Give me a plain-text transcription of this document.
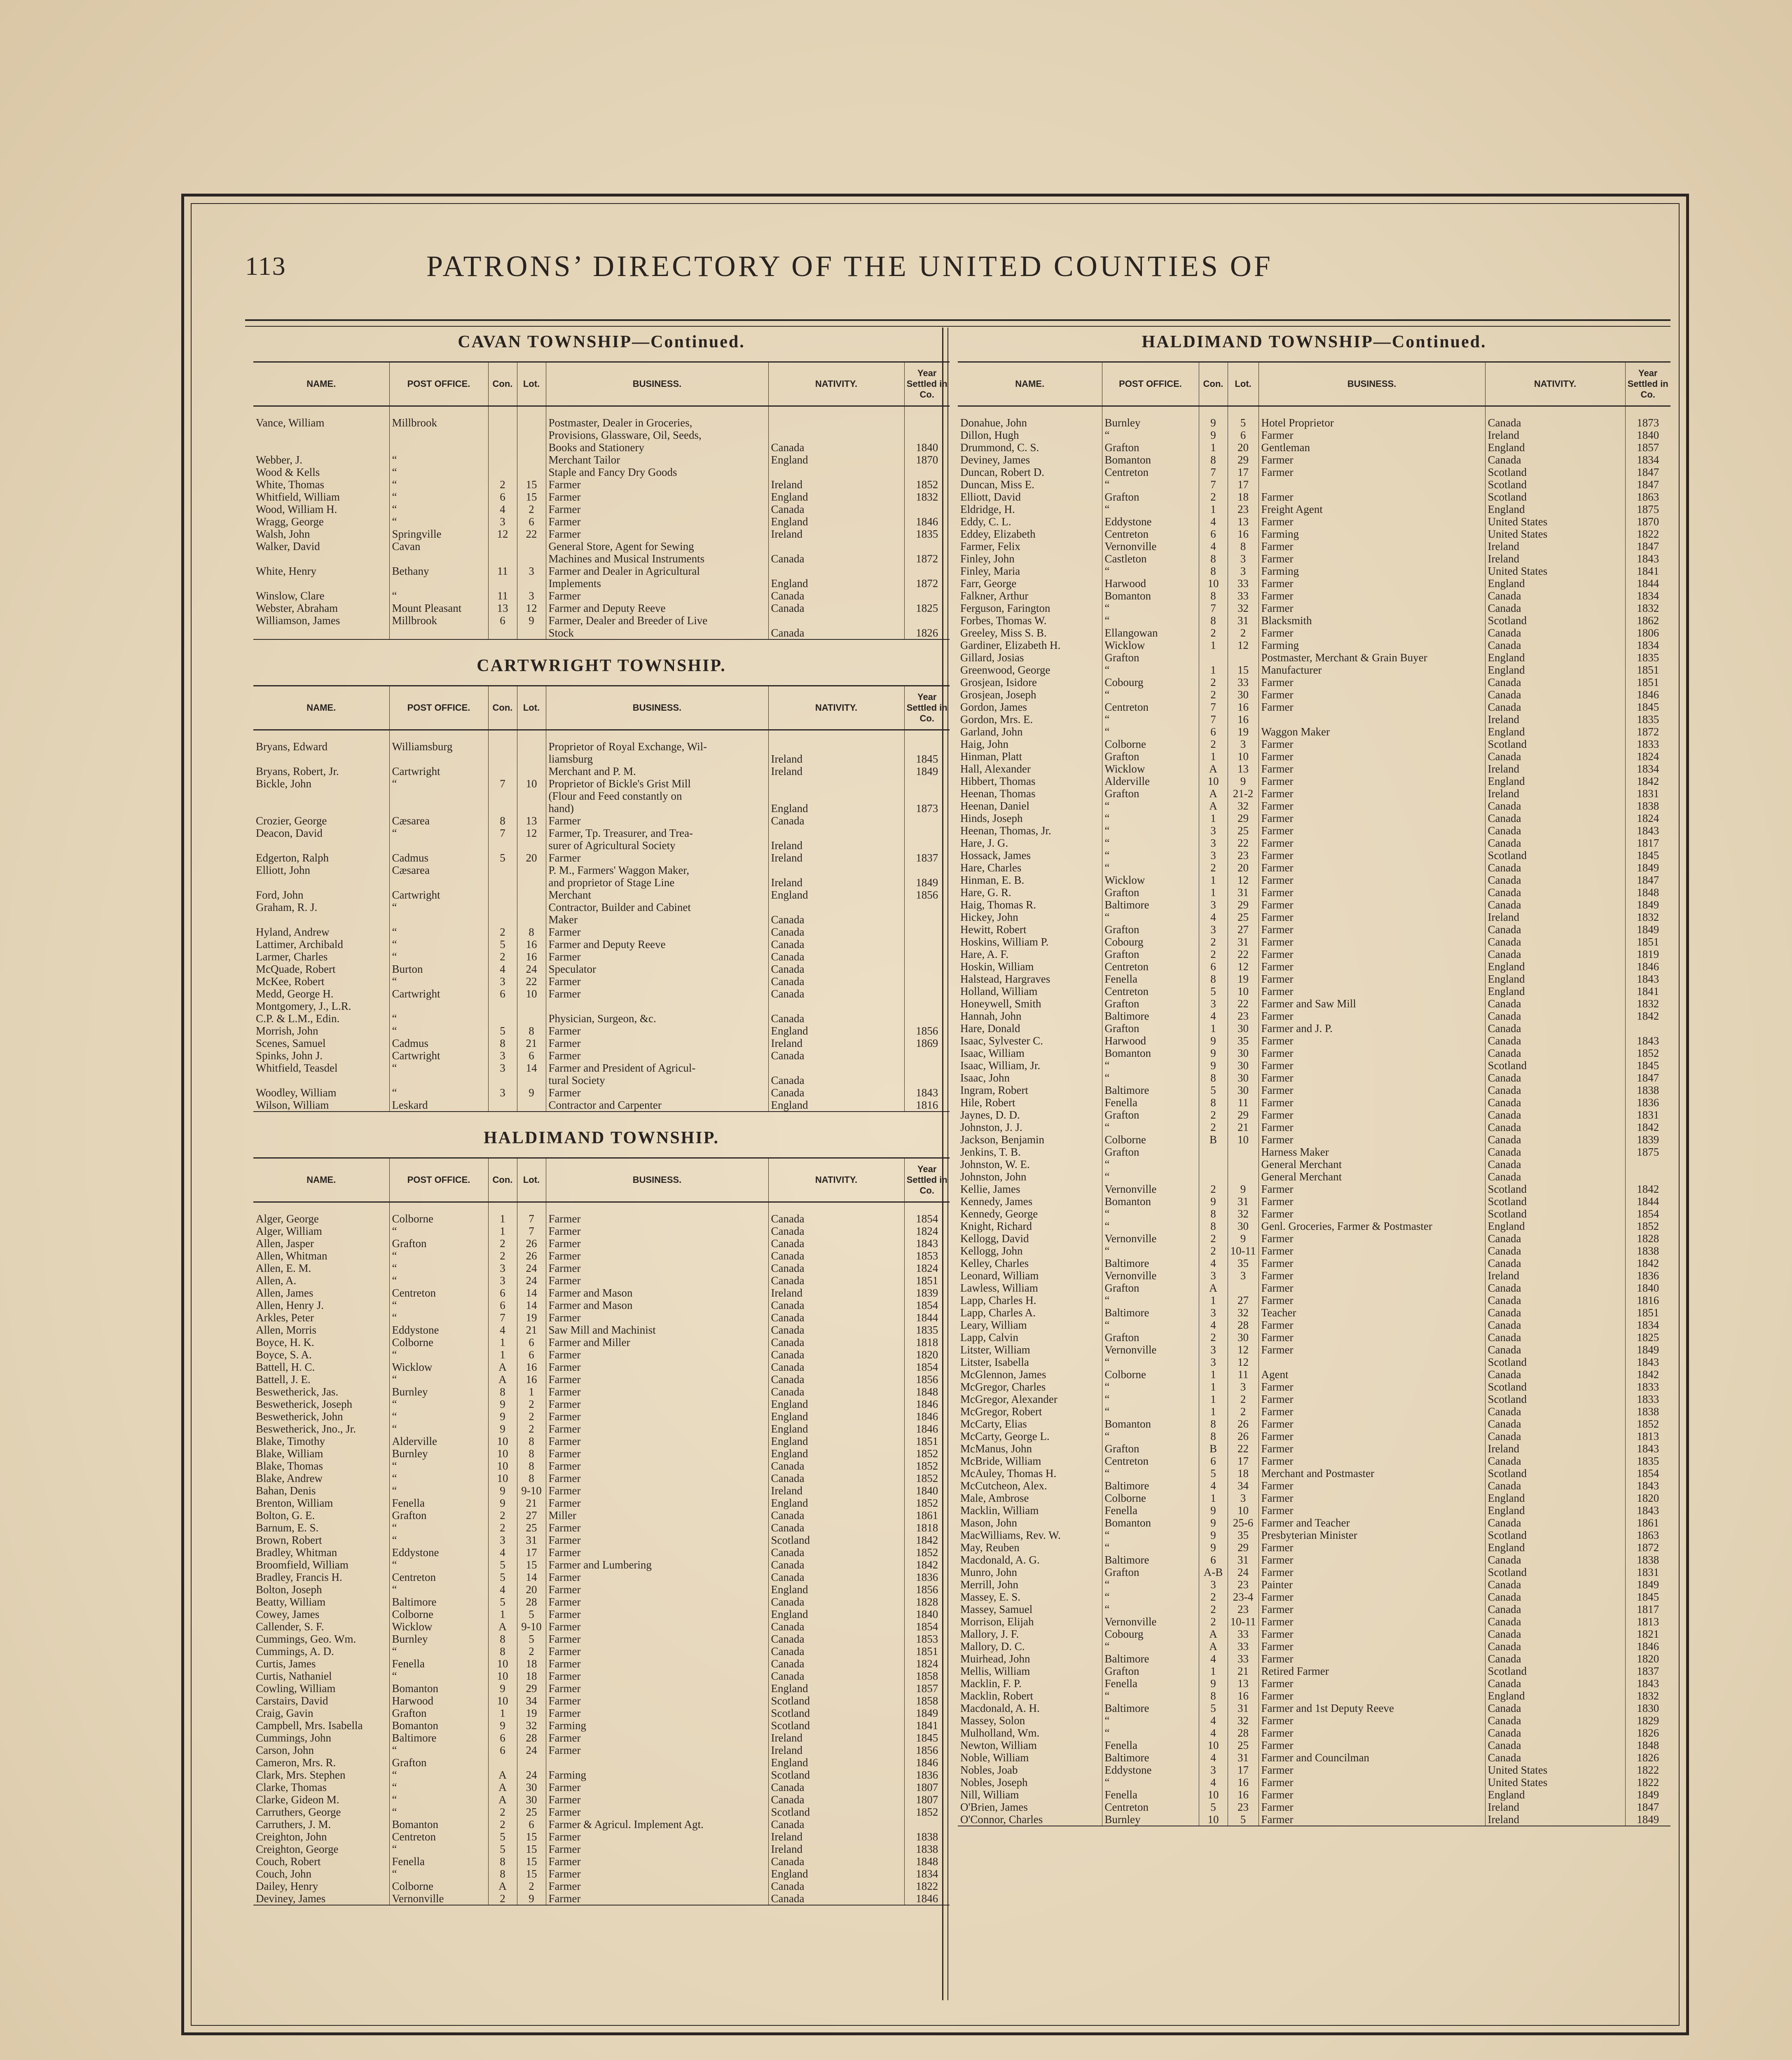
113	PATRONS’ DIRECTORY OF THE UNITED COUNTIES OF
CAVAN TOWNSHIP—Continued.
NAME.	POST OFFICE.	Con.	Lot.	BUSINESS.	NATIVITY.	Year Settled in Co.

Vance, William	Millbrook			Postmaster, Dealer in Groceries,		
				Provisions, Glassware, Oil, Seeds,		
				Books and Stationery	Canada	1840
Webber, J.	“			Merchant Tailor	England	1870
Wood & Kells	“			Staple and Fancy Dry Goods		
White, Thomas	“	2	15	Farmer	Ireland	1852
Whitfield, William	“	6	15	Farmer	England	1832
Wood, William H.	“	4	2	Farmer	Canada	
Wragg, George	“	3	6	Farmer	England	1846
Walsh, John	Springville	12	22	Farmer	Ireland	1835
Walker, David	Cavan			General Store, Agent for Sewing		
				Machines and Musical Instruments	Canada	1872
White, Henry	Bethany	11	3	Farmer and Dealer in Agricultural		
				Implements	England	1872
Winslow, Clare	“	11	3	Farmer	Canada	
Webster, Abraham	Mount Pleasant	13	12	Farmer and Deputy Reeve	Canada	1825
Williamson, James	Millbrook	6	9	Farmer, Dealer and Breeder of Live		
				Stock	Canada	1826
CARTWRIGHT TOWNSHIP.
NAME.	POST OFFICE.	Con.	Lot.	BUSINESS.	NATIVITY.	Year Settled in Co.

Bryans, Edward	Williamsburg			Proprietor of Royal Exchange, Wil-		
				liamsburg	Ireland	1845
Bryans, Robert, Jr.	Cartwright			Merchant and P. M.	Ireland	1849
Bickle, John	“	7	10	Proprietor of Bickle's Grist Mill		
				(Flour and Feed constantly on		
				hand)	England	1873
Crozier, George	Cæsarea	8	13	Farmer	Canada	
Deacon, David	“	7	12	Farmer, Tp. Treasurer, and Trea-		
				surer of Agricultural Society	Ireland	
Edgerton, Ralph	Cadmus	5	20	Farmer	Ireland	1837
Elliott, John	Cæsarea			P. M., Farmers' Waggon Maker,		
				and proprietor of Stage Line	Ireland	1849
Ford, John	Cartwright			Merchant	England	1856
Graham, R. J.	“			Contractor, Builder and Cabinet		
				Maker	Canada	
Hyland, Andrew	“	2	8	Farmer	Canada	
Lattimer, Archibald	“	5	16	Farmer and Deputy Reeve	Canada	
Larmer, Charles	“	2	16	Farmer	Canada	
McQuade, Robert	Burton	4	24	Speculator	Canada	
McKee, Robert	“	3	22	Farmer	Canada	
Medd, George H.	Cartwright	6	10	Farmer	Canada	
Montgomery, J., L.R.						
C.P. & L.M., Edin.	“			Physician, Surgeon, &c.	Canada	
Morrish, John	“	5	8	Farmer	England	1856
Scenes, Samuel	Cadmus	8	21	Farmer	Ireland	1869
Spinks, John J.	Cartwright	3	6	Farmer	Canada	
Whitfield, Teasdel	“	3	14	Farmer and President of Agricul-		
				tural Society	Canada	
Woodley, William	“	3	9	Farmer	Canada	1843
Wilson, William	Leskard			Contractor and Carpenter	England	1816
HALDIMAND TOWNSHIP.
NAME.	POST OFFICE.	Con.	Lot.	BUSINESS.	NATIVITY.	Year Settled in Co.

Alger, George	Colborne	1	7	Farmer	Canada	1854
Alger, William	“	1	7	Farmer	Canada	1824
Allen, Jasper	Grafton	2	26	Farmer	Canada	1843
Allen, Whitman	“	2	26	Farmer	Canada	1853
Allen, E. M.	“	3	24	Farmer	Canada	1824
Allen, A.	“	3	24	Farmer	Canada	1851
Allen, James	Centreton	6	14	Farmer and Mason	Ireland	1839
Allen, Henry J.	“	6	14	Farmer and Mason	Canada	1854
Arkles, Peter	“	7	19	Farmer	Canada	1844
Allen, Morris	Eddystone	4	21	Saw Mill and Machinist	Canada	1835
Boyce, H. K.	Colborne	1	6	Farmer and Miller	Canada	1818
Boyce, S. A.	“	1	6	Farmer	Canada	1820
Battell, H. C.	Wicklow	A	16	Farmer	Canada	1854
Battell, J. E.	“	A	16	Farmer	Canada	1856
Beswetherick, Jas.	Burnley	8	1	Farmer	Canada	1848
Beswetherick, Joseph	“	9	2	Farmer	England	1846
Beswetherick, John	“	9	2	Farmer	England	1846
Beswetherick, Jno., Jr.	“	9	2	Farmer	England	1846
Blake, Timothy	Alderville	10	8	Farmer	England	1851
Blake, William	Burnley	10	8	Farmer	England	1852
Blake, Thomas	“	10	8	Farmer	Canada	1852
Blake, Andrew	“	10	8	Farmer	Canada	1852
Bahan, Denis	“	9	9-10	Farmer	Ireland	1840
Brenton, William	Fenella	9	21	Farmer	England	1852
Bolton, G. E.	Grafton	2	27	Miller	Canada	1861
Barnum, E. S.	“	2	25	Farmer	Canada	1818
Brown, Robert	“	3	31	Farmer	Scotland	1842
Bradley, Whitman	Eddystone	4	17	Farmer	Canada	1852
Broomfield, William	“	5	15	Farmer and Lumbering	Canada	1842
Bradley, Francis H.	Centreton	5	14	Farmer	Canada	1836
Bolton, Joseph	“	4	20	Farmer	England	1856
Beatty, William	Baltimore	5	28	Farmer	Canada	1828
Cowey, James	Colborne	1	5	Farmer	England	1840
Callender, S. F.	Wicklow	A	9-10	Farmer	Canada	1854
Cummings, Geo. Wm.	Burnley	8	5	Farmer	Canada	1853
Cummings, A. D.	“	8	2	Farmer	Canada	1851
Curtis, James	Fenella	10	18	Farmer	Canada	1824
Curtis, Nathaniel	“	10	18	Farmer	Canada	1858
Cowling, William	Bomanton	9	29	Farmer	England	1857
Carstairs, David	Harwood	10	34	Farmer	Scotland	1858
Craig, Gavin	Grafton	1	19	Farmer	Scotland	1849
Campbell, Mrs. Isabella	Bomanton	9	32	Farming	Scotland	1841
Cummings, John	Baltimore	6	28	Farmer	Ireland	1845
Carson, John	“	6	24	Farmer	Ireland	1856
Cameron, Mrs. R.	Grafton				England	1846
Clark, Mrs. Stephen	“	A	24	Farming	Scotland	1836
Clarke, Thomas	“	A	30	Farmer	Canada	1807
Clarke, Gideon M.	“	A	30	Farmer	Canada	1807
Carruthers, George	“	2	25	Farmer	Scotland	1852
Carruthers, J. M.	Bomanton	2	6	Farmer & Agricul. Implement Agt.	Canada	
Creighton, John	Centreton	5	15	Farmer	Ireland	1838
Creighton, George	“	5	15	Farmer	Ireland	1838
Couch, Robert	Fenella	8	15	Farmer	Canada	1848
Couch, John	“	8	15	Farmer	England	1834
Dailey, Henry	Colborne	A	2	Farmer	Canada	1822
Deviney, James	Vernonville	2	9	Farmer	Canada	1846
HALDIMAND TOWNSHIP—Continued.
NAME.	POST OFFICE.	Con.	Lot.	BUSINESS.	NATIVITY.	Year Settled in Co.

Donahue, John	Burnley	9	5	Hotel Proprietor	Canada	1873
Dillon, Hugh	“	9	6	Farmer	Ireland	1840
Drummond, C. S.	Grafton	1	20	Gentleman	England	1857
Deviney, James	Bomanton	8	29	Farmer	Canada	1834
Duncan, Robert D.	Centreton	7	17	Farmer	Scotland	1847
Duncan, Miss E.	“	7	17		Scotland	1847
Elliott, David	Grafton	2	18	Farmer	Scotland	1863
Eldridge, H.	“	1	23	Freight Agent	England	1875
Eddy, C. L.	Eddystone	4	13	Farmer	United States	1870
Eddey, Elizabeth	Centreton	6	16	Farming	United States	1822
Farmer, Felix	Vernonville	4	8	Farmer	Ireland	1847
Finley, John	Castleton	8	3	Farmer	Ireland	1843
Finley, Maria	“	8	3	Farming	United States	1841
Farr, George	Harwood	10	33	Farmer	England	1844
Falkner, Arthur	Bomanton	8	33	Farmer	Canada	1834
Ferguson, Farington	“	7	32	Farmer	Canada	1832
Forbes, Thomas W.	“	8	31	Blacksmith	Scotland	1862
Greeley, Miss S. B.	Ellangowan	2	2	Farmer	Canada	1806
Gardiner, Elizabeth H.	Wicklow	1	12	Farming	Canada	1834
Gillard, Josias	Grafton			Postmaster, Merchant & Grain Buyer	England	1835
Greenwood, George	“	1	15	Manufacturer	England	1851
Grosjean, Isidore	Cobourg	2	33	Farmer	Canada	1851
Grosjean, Joseph	“	2	30	Farmer	Canada	1846
Gordon, James	Centreton	7	16	Farmer	Canada	1845
Gordon, Mrs. E.	“	7	16		Ireland	1835
Garland, John	“	6	19	Waggon Maker	England	1872
Haig, John	Colborne	2	3	Farmer	Scotland	1833
Hinman, Platt	Grafton	1	10	Farmer	Canada	1824
Hall, Alexander	Wicklow	A	13	Farmer	Ireland	1834
Hibbert, Thomas	Alderville	10	9	Farmer	England	1842
Heenan, Thomas	Grafton	A	21-2	Farmer	Ireland	1831
Heenan, Daniel	“	A	32	Farmer	Canada	1838
Hinds, Joseph	“	1	29	Farmer	Canada	1824
Heenan, Thomas, Jr.	“	3	25	Farmer	Canada	1843
Hare, J. G.	“	3	22	Farmer	Canada	1817
Hossack, James	“	3	23	Farmer	Scotland	1845
Hare, Charles	“	2	20	Farmer	Canada	1849
Hinman, E. B.	Wicklow	1	12	Farmer	Canada	1847
Hare, G. R.	Grafton	1	31	Farmer	Canada	1848
Haig, Thomas R.	Baltimore	3	29	Farmer	Canada	1849
Hickey, John	“	4	25	Farmer	Ireland	1832
Hewitt, Robert	Grafton	3	27	Farmer	Canada	1849
Hoskins, William P.	Cobourg	2	31	Farmer	Canada	1851
Hare, A. F.	Grafton	2	22	Farmer	Canada	1819
Hoskin, William	Centreton	6	12	Farmer	England	1846
Halstead, Hargraves	Fenella	8	19	Farmer	England	1843
Holland, William	Centreton	5	10	Farmer	England	1841
Honeywell, Smith	Grafton	3	22	Farmer and Saw Mill	Canada	1832
Hannah, John	Baltimore	4	23	Farmer	Canada	1842
Hare, Donald	Grafton	1	30	Farmer and J. P.	Canada	
Isaac, Sylvester C.	Harwood	9	35	Farmer	Canada	1843
Isaac, William	Bomanton	9	30	Farmer	Canada	1852
Isaac, William, Jr.	“	9	30	Farmer	Scotland	1845
Isaac, John	“	8	30	Farmer	Canada	1847
Ingram, Robert	Baltimore	5	30	Farmer	Canada	1838
Hile, Robert	Fenella	8	11	Farmer	Canada	1836
Jaynes, D. D.	Grafton	2	29	Farmer	Canada	1831
Johnston, J. J.	“	2	21	Farmer	Canada	1842
Jackson, Benjamin	Colborne	B	10	Farmer	Canada	1839
Jenkins, T. B.	Grafton			Harness Maker	Canada	1875
Johnston, W. E.	“			General Merchant	Canada	
Johnston, John	“			General Merchant	Canada	
Kellie, James	Vernonville	2	9	Farmer	Scotland	1842
Kennedy, James	Bomanton	9	31	Farmer	Scotland	1844
Kennedy, George	“	8	32	Farmer	Scotland	1854
Knight, Richard	“	8	30	Genl. Groceries, Farmer & Postmaster	England	1852
Kellogg, David	Vernonville	2	9	Farmer	Canada	1828
Kellogg, John	“	2	10-11	Farmer	Canada	1838
Kelley, Charles	Baltimore	4	35	Farmer	Canada	1842
Leonard, William	Vernonville	3	3	Farmer	Ireland	1836
Lawless, William	Grafton	A		Farmer	Canada	1840
Lapp, Charles H.	“	1	27	Farmer	Canada	1816
Lapp, Charles A.	Baltimore	3	32	Teacher	Canada	1851
Leary, William	“	4	28	Farmer	Canada	1834
Lapp, Calvin	Grafton	2	30	Farmer	Canada	1825
Litster, William	Vernonville	3	12	Farmer	Canada	1849
Litster, Isabella	“	3	12		Scotland	1843
McGlennon, James	Colborne	1	11	Agent	Canada	1842
McGregor, Charles	“	1	3	Farmer	Scotland	1833
McGregor, Alexander	“	1	2	Farmer	Scotland	1833
McGregor, Robert	“	1	2	Farmer	Canada	1838
McCarty, Elias	Bomanton	8	26	Farmer	Canada	1852
McCarty, George L.	“	8	26	Farmer	Canada	1813
McManus, John	Grafton	B	22	Farmer	Ireland	1843
McBride, William	Centreton	6	17	Farmer	Canada	1835
McAuley, Thomas H.	“	5	18	Merchant and Postmaster	Scotland	1854
McCutcheon, Alex.	Baltimore	4	34	Farmer	Canada	1843
Male, Ambrose	Colborne	1	3	Farmer	England	1820
Macklin, William	Fenella	9	10	Farmer	England	1843
Mason, John	Bomanton	9	25-6	Farmer and Teacher	Canada	1861
MacWilliams, Rev. W.	“	9	35	Presbyterian Minister	Scotland	1863
May, Reuben	“	9	29	Farmer	England	1872
Macdonald, A. G.	Baltimore	6	31	Farmer	Canada	1838
Munro, John	Grafton	A-B	24	Farmer	Scotland	1831
Merrill, John	“	3	23	Painter	Canada	1849
Massey, E. S.	“	2	23-4	Farmer	Canada	1845
Massey, Samuel	“	2	23	Farmer	Canada	1817
Morrison, Elijah	Vernonville	2	10-11	Farmer	Canada	1813
Mallory, J. F.	Cobourg	A	33	Farmer	Canada	1821
Mallory, D. C.	“	A	33	Farmer	Canada	1846
Muirhead, John	Baltimore	4	33	Farmer	Canada	1820
Mellis, William	Grafton	1	21	Retired Farmer	Scotland	1837
Macklin, F. P.	Fenella	9	13	Farmer	Canada	1843
Macklin, Robert	“	8	16	Farmer	England	1832
Macdonald, A. H.	Baltimore	5	31	Farmer and 1st Deputy Reeve	Canada	1830
Massey, Solon	“	4	32	Farmer	Canada	1829
Mulholland, Wm.	“	4	28	Farmer	Canada	1826
Newton, William	Fenella	10	25	Farmer	Canada	1848
Noble, William	Baltimore	4	31	Farmer and Councilman	Canada	1826
Nobles, Joab	Eddystone	3	17	Farmer	United States	1822
Nobles, Joseph	“	4	16	Farmer	United States	1822
Nill, William	Fenella	10	16	Farmer	England	1849
O'Brien, James	Centreton	5	23	Farmer	Ireland	1847
O'Connor, Charles	Burnley	10	5	Farmer	Ireland	1849
